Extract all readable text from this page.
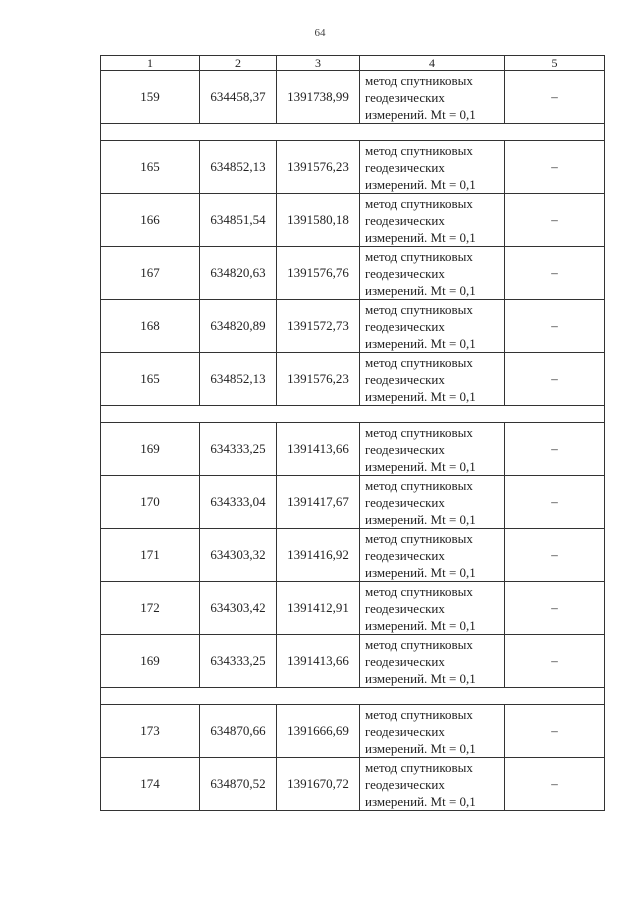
64
1	2	3	4	5
159	634458,37	1391738,99	метод спутниковых геодезических измерений. Mt = 0,1	–

165	634852,13	1391576,23	метод спутниковых геодезических измерений. Mt = 0,1	–
166	634851,54	1391580,18	метод спутниковых геодезических измерений. Mt = 0,1	–
167	634820,63	1391576,76	метод спутниковых геодезических измерений. Mt = 0,1	–
168	634820,89	1391572,73	метод спутниковых геодезических измерений. Mt = 0,1	–
165	634852,13	1391576,23	метод спутниковых геодезических измерений. Mt = 0,1	–

169	634333,25	1391413,66	метод спутниковых геодезических измерений. Mt = 0,1	–
170	634333,04	1391417,67	метод спутниковых геодезических измерений. Mt = 0,1	–
171	634303,32	1391416,92	метод спутниковых геодезических измерений. Mt = 0,1	–
172	634303,42	1391412,91	метод спутниковых геодезических измерений. Mt = 0,1	–
169	634333,25	1391413,66	метод спутниковых геодезических измерений. Mt = 0,1	–

173	634870,66	1391666,69	метод спутниковых геодезических измерений. Mt = 0,1	–
174	634870,52	1391670,72	метод спутниковых геодезических измерений. Mt = 0,1	–
